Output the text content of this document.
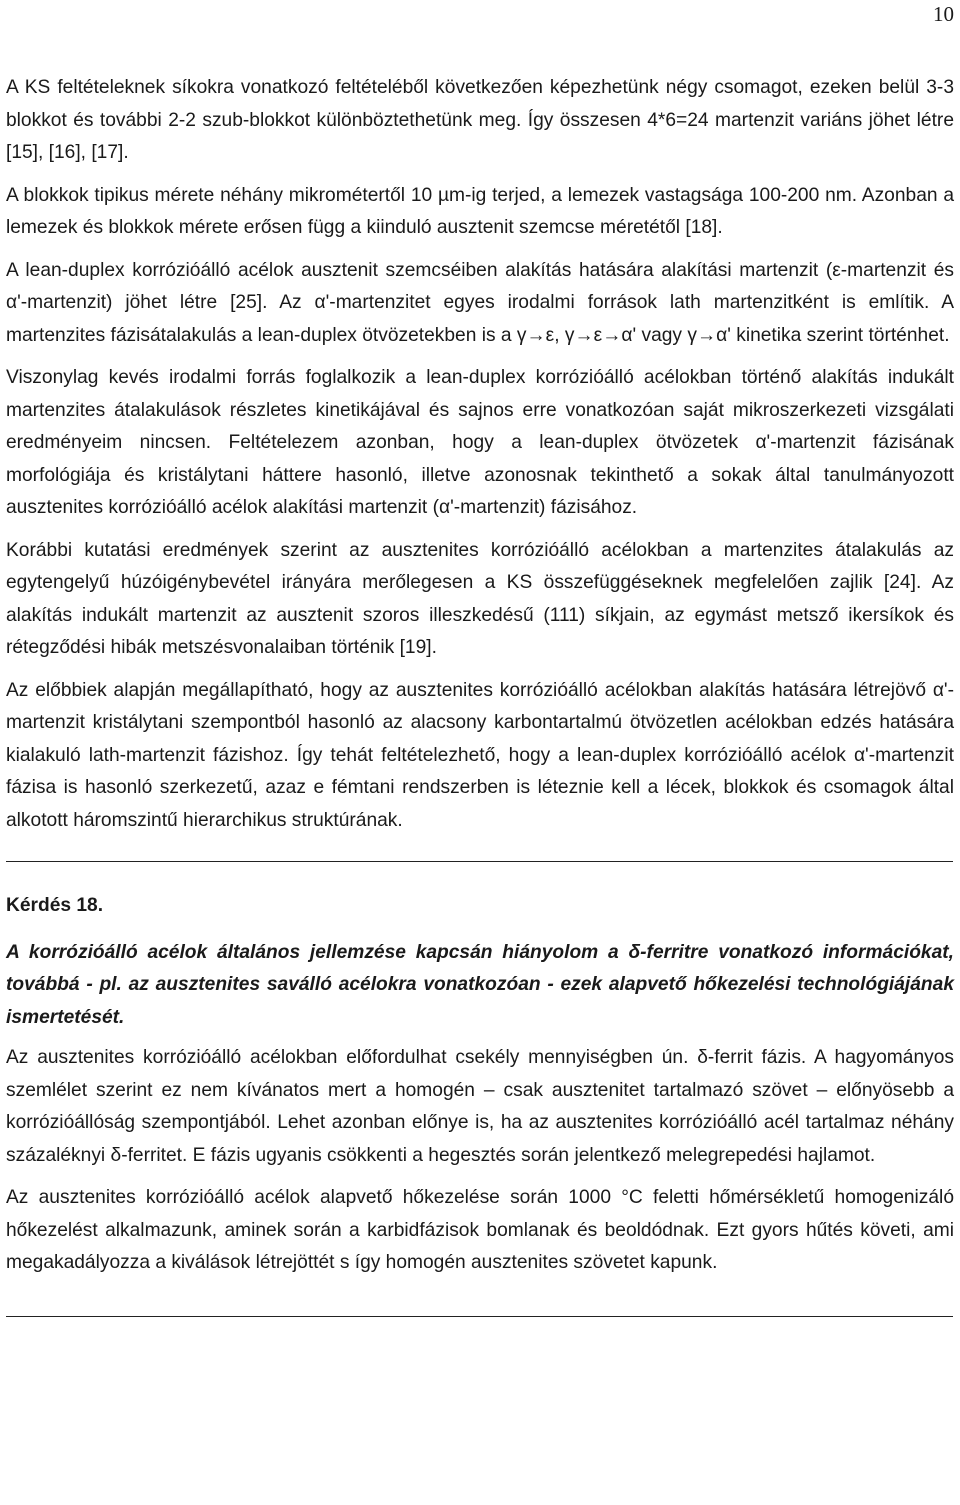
10

A KS feltételeknek síkokra vonatkozó feltételéből következően képezhetünk négy csomagot, ezeken belül 3-3 blokkot és további 2-2 szub-blokkot különböztethetünk meg. Így összesen 4*6=24 martenzit variáns jöhet létre [15], [16], [17].

A blokkok tipikus mérete néhány mikrométertől 10 µm-ig terjed, a lemezek vastagsága 100-200 nm. Azonban a lemezek és blokkok mérete erősen függ a kiinduló ausztenit szemcse méretétől [18].

A lean-duplex korrózióálló acélok ausztenit szemcséiben alakítás hatására alakítási martenzit (ε-martenzit és α'-martenzit) jöhet létre [25]. Az α'-martenzitet egyes irodalmi források lath martenzitként is említik. A martenzites fázisátalakulás a lean-duplex ötvözetekben is a γ→ε, γ→ε→α' vagy γ→α' kinetika szerint történhet.

Viszonylag kevés irodalmi forrás foglalkozik a lean-duplex korrózióálló acélokban történő alakítás indukált martenzites átalakulások részletes kinetikájával és sajnos erre vonatkozóan saját mikroszerkezeti vizsgálati eredményeim nincsen. Feltételezem azonban, hogy a lean-duplex ötvözetek α'-martenzit fázisának morfológiája és kristálytani háttere hasonló, illetve azonosnak tekinthető a sokak által tanulmányozott ausztenites korrózióálló acélok alakítási martenzit (α'-martenzit) fázisához.

Korábbi kutatási eredmények szerint az ausztenites korrózióálló acélokban a martenzites átalakulás az egytengelyű húzóigénybevétel irányára merőlegesen a KS összefüggéseknek megfelelően zajlik [24]. Az alakítás indukált martenzit az ausztenit szoros illeszkedésű (111) síkjain, az egymást metsző ikersíkok és rétegződési hibák metszésvonalaiban történik [19].

Az előbbiek alapján megállapítható, hogy az ausztenites korrózióálló acélokban alakítás hatására létrejövő α'-martenzit kristálytani szempontból hasonló az alacsony karbontartalmú ötvözetlen acélokban edzés hatására kialakuló lath-martenzit fázishoz. Így tehát feltételezhető, hogy a lean-duplex korrózióálló acélok α'-martenzit fázisa is hasonló szerkezetű, azaz e fémtani rendszerben is léteznie kell a lécek, blokkok és csomagok által alkotott háromszintű hierarchikus struktúrának.

Kérdés 18.

A korrózióálló acélok általános jellemzése kapcsán hiányolom a δ-ferritre vonatkozó információkat, továbbá - pl. az ausztenites saválló acélokra vonatkozóan - ezek alapvető hőkezelési technológiájának ismertetését.

Az ausztenites korrózióálló acélokban előfordulhat csekély mennyiségben ún. δ-ferrit fázis. A hagyományos szemlélet szerint ez nem kívánatos mert a homogén – csak ausztenitet tartalmazó szövet – előnyösebb a korrózióállóság szempontjából. Lehet azonban előnye is, ha az ausztenites korrózióálló acél tartalmaz néhány százaléknyi δ-ferritet. E fázis ugyanis csökkenti a hegesztés során jelentkező melegrepedési hajlamot.

Az ausztenites korrózióálló acélok alapvető hőkezelése során 1000 °C feletti hőmérsékletű homogenizáló hőkezelést alkalmazunk, aminek során a karbidfázisok bomlanak és beoldódnak. Ezt gyors hűtés követi, ami megakadályozza a kiválások létrejöttét s így homogén ausztenites szövetet kapunk.
